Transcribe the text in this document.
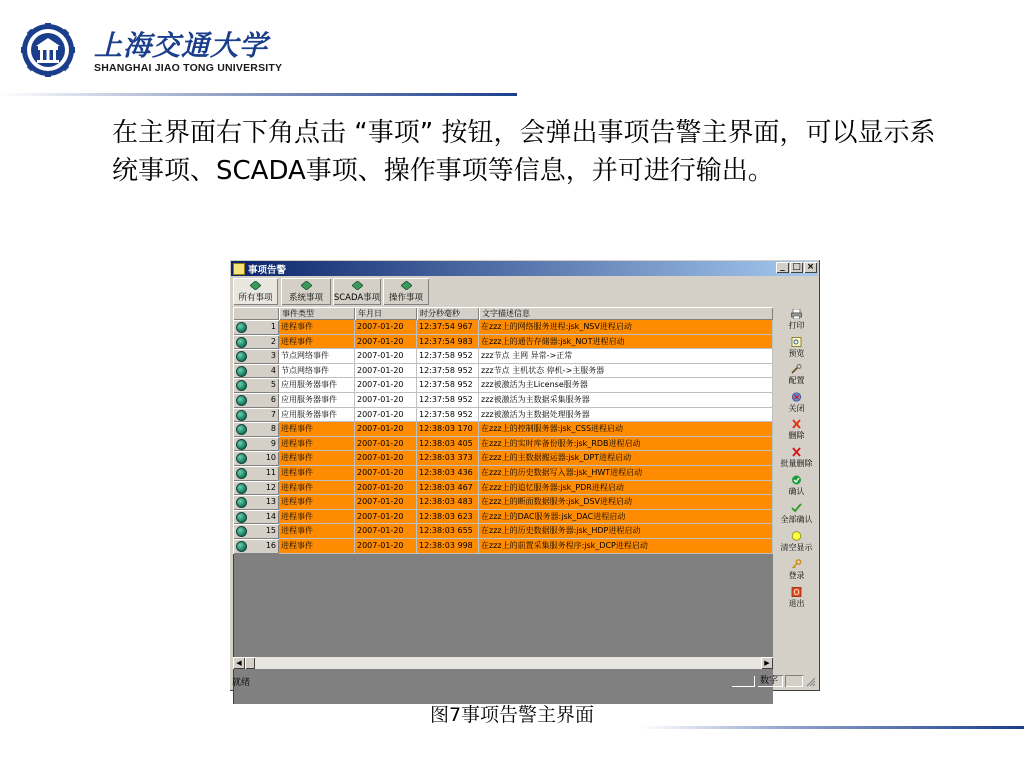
上海交通大学
SHANGHAI JIAO TONG UNIVERSITY
在主界面右下角点击 “事项” 按钮，会弹出事项告警主界面，可以显示系统事项、SCADA事项、操作事项等信息，并可进行输出。
事项告警	_ □ ×
所有事项	系统事项	SCADA事项	操作事项
事件类型	年月日	时分秒毫秒	文字描述信息
1 进程事件	2007-01-20	12:37:54 967	在zzz上的网络服务进程:jsk_NSV进程启动
2 进程事件	2007-01-20	12:37:54 983	在zzz上的通告存储器:jsk_NOT进程启动
3 节点网络事件	2007-01-20	12:37:58 952	zzz节点 主网 异常->正常
4 节点网络事件	2007-01-20	12:37:58 952	zzz节点 主机状态 停机->主服务器
5 应用服务器事件	2007-01-20	12:37:58 952	zzz被激活为主License服务器
6 应用服务器事件	2007-01-20	12:37:58 952	zzz被激活为主数据采集服务器
7 应用服务器事件	2007-01-20	12:37:58 952	zzz被激活为主数据处理服务器
8 进程事件	2007-01-20	12:38:03 170	在zzz上的控制服务器:jsk_CSS进程启动
9 进程事件	2007-01-20	12:38:03 405	在zzz上的实时库备份服务:jsk_RDB进程启动
10 进程事件	2007-01-20	12:38:03 373	在zzz上的主数据搬运器:jsk_DPT进程启动
11 进程事件	2007-01-20	12:38:03 436	在zzz上的历史数据写入器:jsk_HWT进程启动
12 进程事件	2007-01-20	12:38:03 467	在zzz上的追忆服务器:jsk_PDR进程启动
13 进程事件	2007-01-20	12:38:03 483	在zzz上的断面数据服务:jsk_DSV进程启动
14 进程事件	2007-01-20	12:38:03 623	在zzz上的DAC服务器:jsk_DAC进程启动
15 进程事件	2007-01-20	12:38:03 655	在zzz上的历史数据服务器:jsk_HDP进程启动
16 进程事件	2007-01-20	12:38:03 998	在zzz上的前置采集服务程序:jsk_DCP进程启动
◀	▶
打印
预览
配置
关闭
删除
批量删除
确认
全部确认
清空显示
登录
退出
就绪	数字
图7事项告警主界面
